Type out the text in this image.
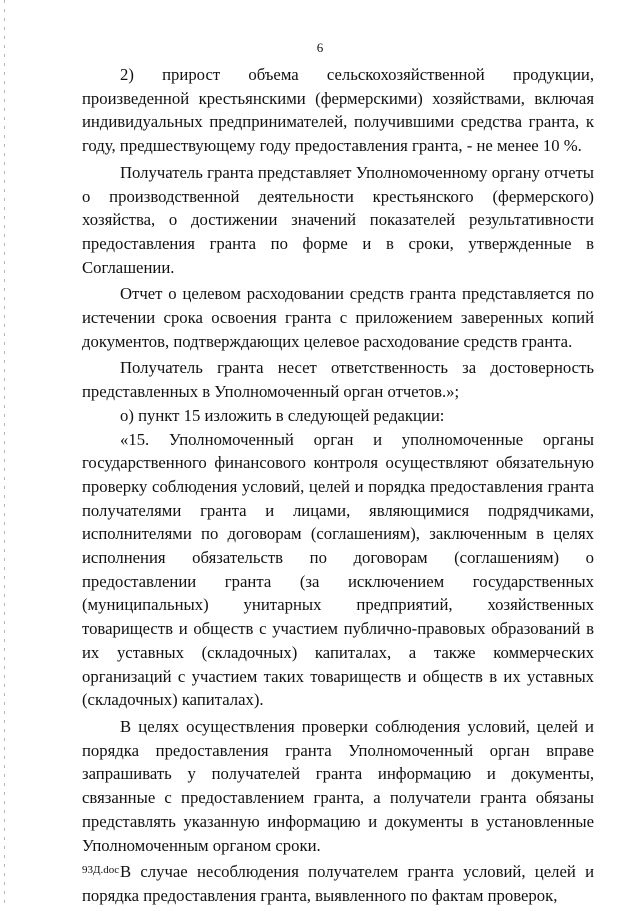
6

2) прирост объема сельскохозяйственной продукции, произведенной крестьянскими (фермерскими) хозяйствами, включая индивидуальных предпринимателей, получившими средства гранта, к году, предшествующему году предоставления гранта, - не менее 10 %.

Получатель гранта представляет Уполномоченному органу отчеты о производственной деятельности крестьянского (фермерского) хозяйства, о достижении значений показателей результативности предоставления гранта по форме и в сроки, утвержденные в Соглашении.

Отчет о целевом расходовании средств гранта представляется по истечении срока освоения гранта с приложением заверенных копий документов, подтверждающих целевое расходование средств гранта.

Получатель гранта несет ответственность за достоверность представленных в Уполномоченный орган отчетов.»;

о) пункт 15 изложить в следующей редакции:

«15. Уполномоченный орган и уполномоченные органы государственного финансового контроля осуществляют обязательную проверку соблюдения условий, целей и порядка предоставления гранта получателями гранта и лицами, являющимися подрядчиками, исполнителями по договорам (соглашениям), заключенным в целях исполнения обязательств по договорам (соглашениям) о предоставлении гранта (за исключением государственных (муниципальных) унитарных предприятий, хозяйственных товариществ и обществ с участием публично-правовых образований в их уставных (складочных) капиталах, а также коммерческих организаций с участием таких товариществ и обществ в их уставных (складочных) капиталах).

В целях осуществления проверки соблюдения условий, целей и порядка предоставления гранта Уполномоченный орган вправе запрашивать у получателей гранта информацию и документы, связанные с предоставлением гранта, а получатели гранта обязаны представлять указанную информацию и документы в установленные Уполномоченным органом сроки.

В случае несоблюдения получателем гранта условий, целей и порядка предоставления гранта, выявленного по фактам проверок,

93Д.doc
